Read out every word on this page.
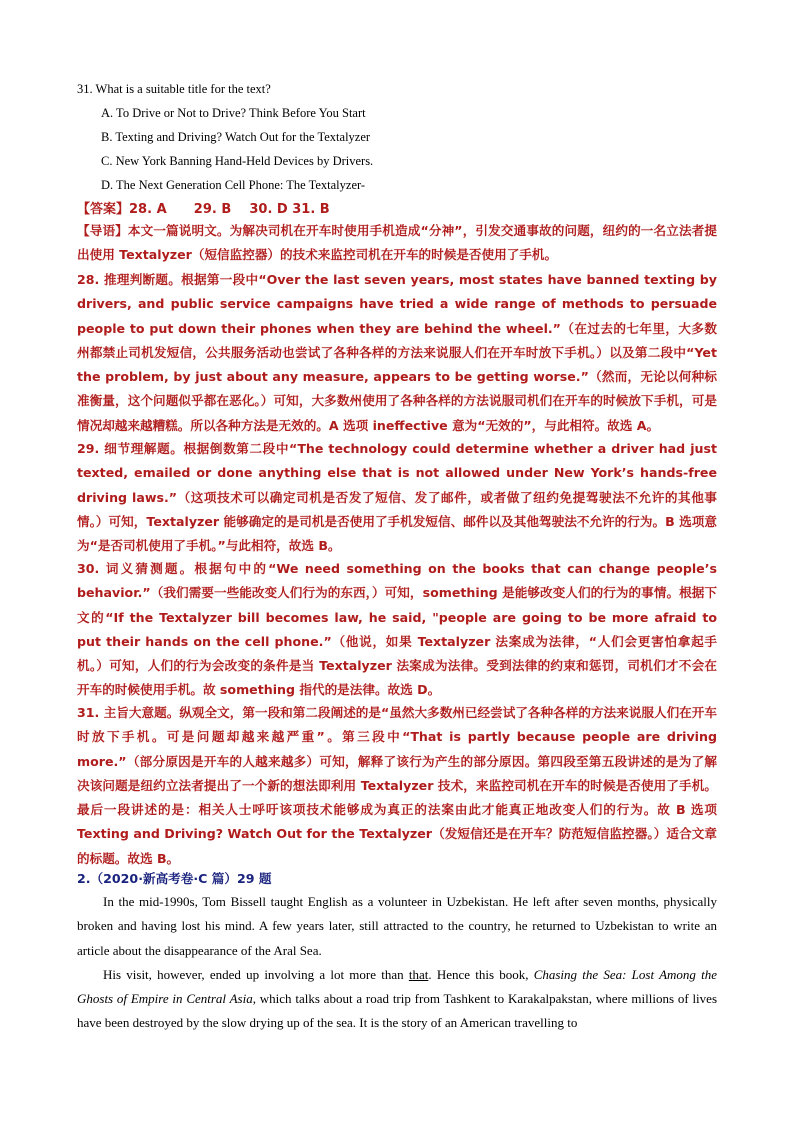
31. What is a suitable title for the text?
A. To Drive or Not to Drive? Think Before You Start
B. Texting and Driving? Watch Out for the Textalyzer
C. New York Banning Hand-Held Devices by Drivers.
D. The Next Generation Cell Phone: The Textalyzer-
【答案】28. A      29. B    30. D 31. B
【导语】本文一篇说明文。为解决司机在开车时使用手机造成“分神”，引发交通事故的问题，纽约的一名立法者提出使用 Textalyzer（短信监控器）的技术来监控司机在开车的时候是否使用了手机。
28. 推理判断题。根据第一段中“Over the last seven years, most states have banned texting by drivers, and public service campaigns have tried a wide range of methods to persuade people to put down their phones when they are behind the wheel.”（在过去的七年里，大多数州都禁止司机发短信，公共服务活动也尝试了各种各样的方法来说服人们在开车时放下手机。）以及第二段中“Yet the problem, by just about any measure, appears to be getting worse.”（然而，无论以何种标准衡量，这个问题似乎都在恶化。）可知，大多数州使用了各种各样的方法说服司机们在开车的时候放下手机，可是情况却越来越糟糕。所以各种方法是无效的。A 选项 ineffective 意为“无效的”，与此相符。故选 A。
29. 细节理解题。根据倒数第二段中“The technology could determine whether a driver had just texted, emailed or done anything else that is not allowed under New York’s hands-free driving laws.”（这项技术可以确定司机是否发了短信、发了邮件，或者做了纽约免提驾驶法不允许的其他事情。）可知，Textalyzer 能够确定的是司机是否使用了手机发短信、邮件以及其他驾驶法不允许的行为。B 选项意为“是否司机使用了手机。”与此相符，故选 B。
30. 词义猜测题。根据句中的“We need something on the books that can change people’s behavior.”（我们需要一些能改变人们行为的东西，）可知，something 是能够改变人们的行为的事情。根据下文的“If the Textalyzer bill becomes law, he said, "people are going to be more afraid to put their hands on the cell phone.”（他说，如果 Textalyzer 法案成为法律，“人们会更害怕拿起手机。）可知，人们的行为会改变的条件是当 Textalyzer 法案成为法律。受到法律的约束和惩罚，司机们才不会在开车的时候使用手机。故 something 指代的是法律。故选 D。
31. 主旨大意题。纵观全文，第一段和第二段阐述的是“虽然大多数州已经尝试了各种各样的方法来说服人们在开车时放下手机。可是问题却越来越严重”。第三段中“That is partly because people are driving more.”（部分原因是开车的人越来越多）可知，解释了该行为产生的部分原因。第四段至第五段讲述的是为了解决该问题是纽约立法者提出了一个新的想法即利用 Textalyzer 技术，来监控司机在开车的时候是否使用了手机。最后一段讲述的是：相关人士呼吁该项技术能够成为真正的法案由此才能真正地改变人们的行为。故 B 选项 Texting and Driving? Watch Out for the Textalyzer（发短信还是在开车？防范短信监控器。）适合文章的标题。故选 B。
2.（2020·新高考卷·C 篇）29 题

In the mid-1990s, Tom Bissell taught English as a volunteer in Uzbekistan. He left after seven months, physically broken and having lost his mind. A few years later, still attracted to the country, he returned to Uzbekistan to write an article about the disappearance of the Aral Sea.

His visit, however, ended up involving a lot more than that. Hence this book, Chasing the Sea: Lost Among the Ghosts of Empire in Central Asia, which talks about a road trip from Tashkent to Karakalpakstan, where millions of lives have been destroyed by the slow drying up of the sea. It is the story of an American travelling to
